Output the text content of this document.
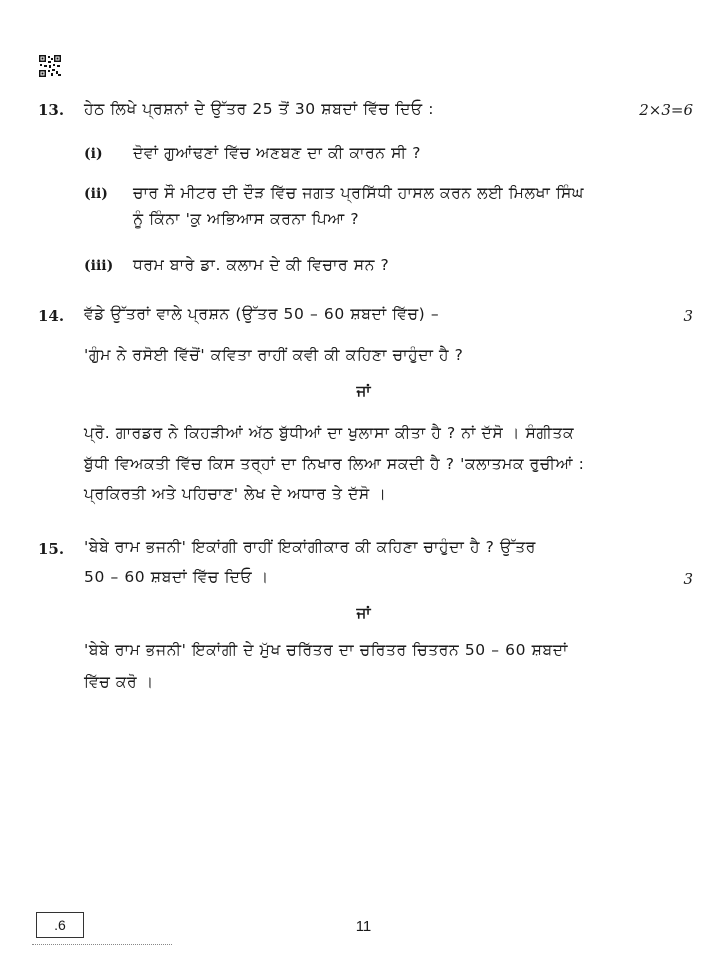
13. ਹੇਠ ਲਿਖੇ ਪ੍ਰਸ਼ਨਾਂ ਦੇ ਉੱਤਰ 25 ਤੋਂ 30 ਸ਼ਬਦਾਂ ਵਿੱਚ ਦਿਓ :	2×3=6
(i) ਦੋਵਾਂ ਗੁਆਂਢਣਾਂ ਵਿੱਚ ਅਣਬਣ ਦਾ ਕੀ ਕਾਰਨ ਸੀ ?
(ii) ਚਾਰ ਸੌ ਮੀਟਰ ਦੀ ਦੌੜ ਵਿੱਚ ਜਗਤ ਪ੍ਰਸਿੱਧੀ ਹਾਸਲ ਕਰਨ ਲਈ ਮਿਲਖਾ ਸਿੰਘ
ਨੂੰ ਕਿੰਨਾ 'ਕੁ ਅਭਿਆਸ ਕਰਨਾ ਪਿਆ ?
(iii) ਧਰਮ ਬਾਰੇ ਡਾ. ਕਲਾਮ ਦੇ ਕੀ ਵਿਚਾਰ ਸਨ ?
14. ਵੱਡੇ ਉੱਤਰਾਂ ਵਾਲੇ ਪ੍ਰਸ਼ਨ (ਉੱਤਰ 50 – 60 ਸ਼ਬਦਾਂ ਵਿੱਚ) –	3
'ਗੁੰਮ ਨੇ ਰਸੋਈ ਵਿੱਚੋਂ' ਕਵਿਤਾ ਰਾਹੀਂ ਕਵੀ ਕੀ ਕਹਿਣਾ ਚਾਹੁੰਦਾ ਹੈ ?
ਜਾਂ
ਪ੍ਰੋ. ਗਾਰਡਰ ਨੇ ਕਿਹੜੀਆਂ ਅੱਠ ਬੁੱਧੀਆਂ ਦਾ ਖੁਲਾਸਾ ਕੀਤਾ ਹੈ ? ਨਾਂ ਦੱਸੋ । ਸੰਗੀਤਕ
ਬੁੱਧੀ ਵਿਅਕਤੀ ਵਿੱਚ ਕਿਸ ਤਰ੍ਹਾਂ ਦਾ ਨਿਖਾਰ ਲਿਆ ਸਕਦੀ ਹੈ ? 'ਕਲਾਤਮਕ ਰੁਚੀਆਂ :
ਪ੍ਰਕਿਰਤੀ ਅਤੇ ਪਹਿਚਾਣ' ਲੇਖ ਦੇ ਅਧਾਰ ਤੇ ਦੱਸੋ ।
15. 'ਬੇਬੇ ਰਾਮ ਭਜਨੀ' ਇਕਾਂਗੀ ਰਾਹੀਂ ਇਕਾਂਗੀਕਾਰ ਕੀ ਕਹਿਣਾ ਚਾਹੁੰਦਾ ਹੈ ? ਉੱਤਰ
50 – 60 ਸ਼ਬਦਾਂ ਵਿੱਚ ਦਿਓ ।	3
ਜਾਂ
'ਬੇਬੇ ਰਾਮ ਭਜਨੀ' ਇਕਾਂਗੀ ਦੇ ਮੁੱਖ ਚਰਿੱਤਰ ਦਾ ਚਰਿਤਰ ਚਿਤਰਨ 50 – 60 ਸ਼ਬਦਾਂ
ਵਿੱਚ ਕਰੋ ।
.6	11
